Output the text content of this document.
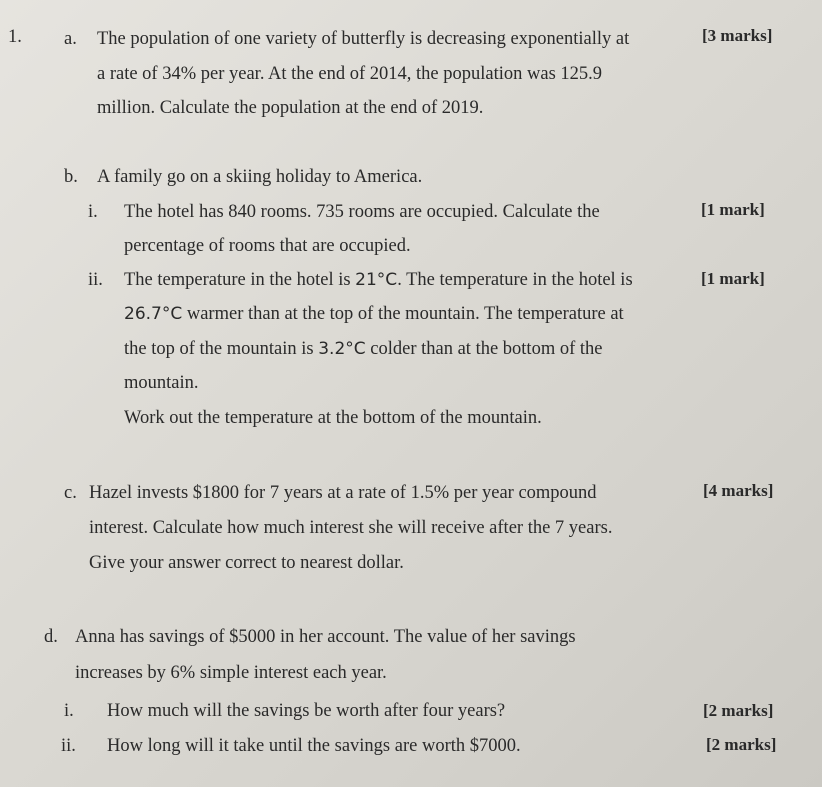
1. a. The population of one variety of butterfly is decreasing exponentially at	[3 marks]
a rate of 34% per year. At the end of 2014, the population was 125.9
million. Calculate the population at the end of 2019.
b. A family go on a skiing holiday to America.
i. The hotel has 840 rooms. 735 rooms are occupied. Calculate the	[1 mark]
percentage of rooms that are occupied.
ii. The temperature in the hotel is 21°C. The temperature in the hotel is	[1 mark]
26.7°C warmer than at the top of the mountain. The temperature at
the top of the mountain is 3.2°C colder than at the bottom of the
mountain.
Work out the temperature at the bottom of the mountain.
c. Hazel invests $1800 for 7 years at a rate of 1.5% per year compound	[4 marks]
interest. Calculate how much interest she will receive after the 7 years.
Give your answer correct to nearest dollar.
d. Anna has savings of $5000 in her account. The value of her savings
increases by 6% simple interest each year.
i. How much will the savings be worth after four years?	[2 marks]
ii. How long will it take until the savings are worth $7000.	[2 marks]
